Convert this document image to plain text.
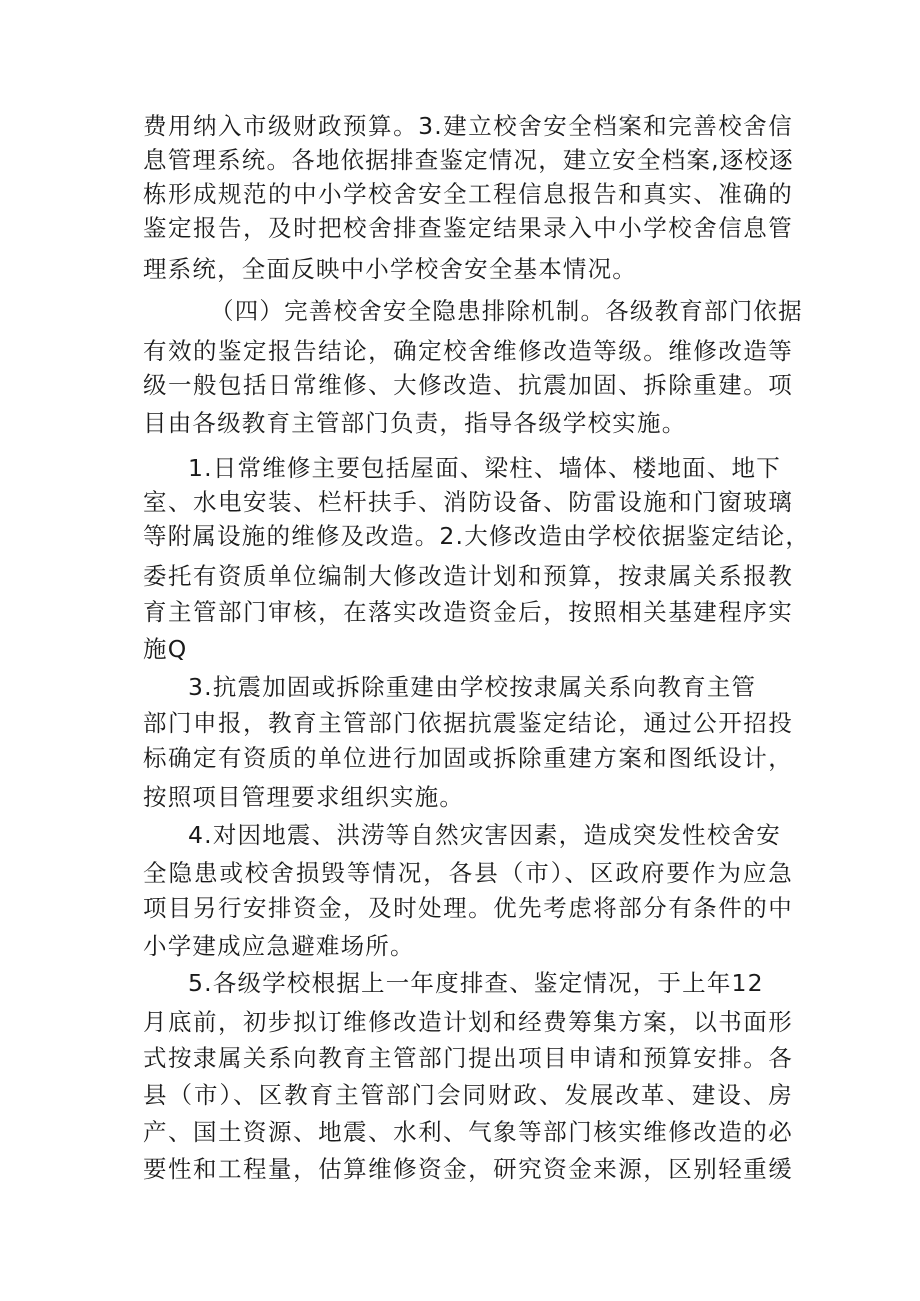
费用纳入市级财政预算。3.建立校舍安全档案和完善校舍信
息管理系统。各地依据排查鉴定情况，建立安全档案,逐校逐
栋形成规范的中小学校舍安全工程信息报告和真实、准确的
鉴定报告，及时把校舍排查鉴定结果录入中小学校舍信息管
理系统，全面反映中小学校舍安全基本情况。
（四）完善校舍安全隐患排除机制。各级教育部门依据
有效的鉴定报告结论，确定校舍维修改造等级。维修改造等
级一般包括日常维修、大修改造、抗震加固、拆除重建。项
目由各级教育主管部门负责，指导各级学校实施。
1.日常维修主要包括屋面、梁柱、墙体、楼地面、地下
室、水电安装、栏杆扶手、消防设备、防雷设施和门窗玻璃
等附属设施的维修及改造。2.大修改造由学校依据鉴定结论，
委托有资质单位编制大修改造计划和预算，按隶属关系报教
育主管部门审核，在落实改造资金后，按照相关基建程序实
施Q
3.抗震加固或拆除重建由学校按隶属关系向教育主管
部门申报，教育主管部门依据抗震鉴定结论，通过公开招投
标确定有资质的单位进行加固或拆除重建方案和图纸设计，
按照项目管理要求组织实施。
4.对因地震、洪涝等自然灾害因素，造成突发性校舍安
全隐患或校舍损毁等情况，各县（市）、区政府要作为应急
项目另行安排资金，及时处理。优先考虑将部分有条件的中
小学建成应急避难场所。
5.各级学校根据上一年度排查、鉴定情况，于上年12
月底前，初步拟订维修改造计划和经费筹集方案，以书面形
式按隶属关系向教育主管部门提出项目申请和预算安排。各
县（市）、区教育主管部门会同财政、发展改革、建设、房
产、国土资源、地震、水利、气象等部门核实维修改造的必
要性和工程量，估算维修资金，研究资金来源，区别轻重缓
